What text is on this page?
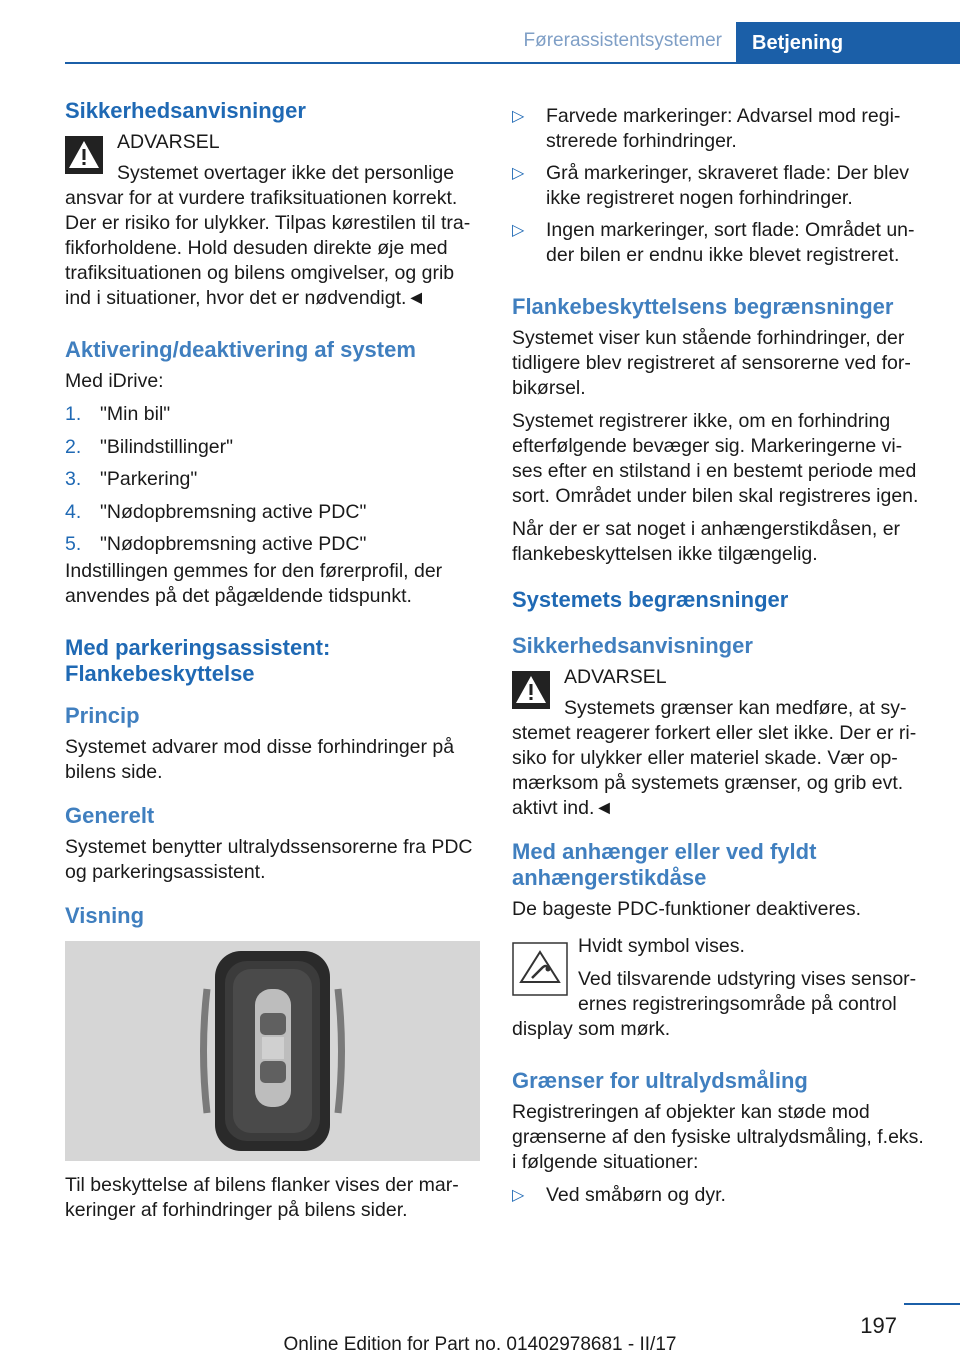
Førerassistentsystemer	Betjening
Sikkerhedsanvisninger
ADVARSEL

Systemet overtager ikke det personlige ansvar for at vurdere trafiksituationen korrekt. Der er risiko for ulykker. Tilpas kørestilen til tra‐fikforholdene. Hold desuden direkte øje med trafiksituationen og bilens omgivelser, og grib ind i situationer, hvor det er nødvendigt.◄

Aktivering/deaktivering af system

Med iDrive:

1. "Min bil"
2. "Bilindstillinger"
3. "Parkering"
4. "Nødopbremsning active PDC"
5. "Nødopbremsning active PDC"

Indstillingen gemmes for den førerprofil, der anvendes på det pågældende tidspunkt.

Med parkeringsassistent: Flankebeskyttelse
Princip

Systemet advarer mod disse forhindringer på bilens side.

Generelt

Systemet benytter ultralydssensorerne fra PDC og parkeringsassistent.

Visning

Til beskyttelse af bilens flanker vises der mar‐keringer af forhindringer på bilens sider.

▷	Farvede markeringer: Advarsel mod regi‐strerede forhindringer.
▷	Grå markeringer, skraveret flade: Der blev ikke registreret nogen forhindringer.
▷	Ingen markeringer, sort flade: Området un‐der bilen er endnu ikke blevet registreret.
Flankebeskyttelsens begrænsninger

Systemet viser kun stående forhindringer, der tidligere blev registreret af sensorerne ved for‐bikørsel.

Systemet registrerer ikke, om en forhindring efterfølgende bevæger sig. Markeringerne vi‐ses efter en stilstand i en bestemt periode med sort. Området under bilen skal registreres igen.

Når der er sat noget i anhængerstikdåsen, er flankebeskyttelsen ikke tilgængelig.

Systemets begrænsninger
Sikkerhedsanvisninger
ADVARSEL

Systemets grænser kan medføre, at sy‐stemet reagerer forkert eller slet ikke. Der er ri‐siko for ulykker eller materiel skade. Vær op‐mærksom på systemets grænser, og grib evt. aktivt ind.◄

Med anhænger eller ved fyldt anhængerstikdåse

De bageste PDC-funktioner deaktiveres.

Hvidt symbol vises.

Ved tilsvarende udstyring vises sensor‐ernes registreringsområde på control
display som mørk.

Grænser for ultralydsmåling

Registreringen af objekter kan støde mod grænserne af den fysiske ultralydsmåling, f.eks. i følgende situationer:

▷	Ved småbørn og dyr.
197
Online Edition for Part no. 01402978681 - II/17
